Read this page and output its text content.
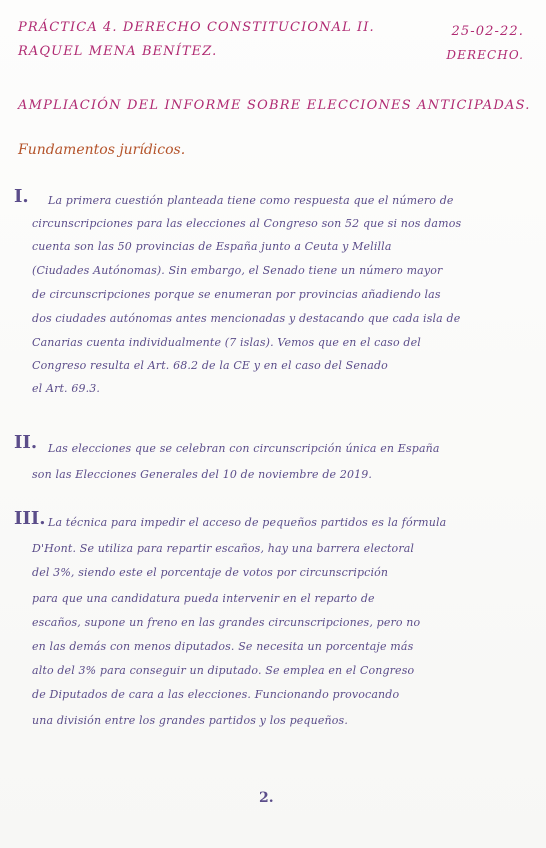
PRÁCTICA 4. DERECHO CONSTITUCIONAL II.
RAQUEL MENA BENÍTEZ.
25-02-22.
DERECHO.
AMPLIACIÓN DEL INFORME SOBRE ELECCIONES ANTICIPADAS.
Fundamentos jurídicos.
I. La primera cuestión planteada tiene como respuesta que el número de
circunscripciones para las elecciones al Congreso son 52 que si nos damos
cuenta son las 50 provincias de España junto a Ceuta y Melilla
(Ciudades Autónomas). Sin embargo, el Senado tiene un número mayor
de circunscripciones porque se enumeran por provincias añadiendo las
dos ciudades autónomas antes mencionadas y destacando que cada isla de
Canarias cuenta individualmente (7 islas). Vemos que en el caso del
Congreso resulta el Art. 68.2 de la CE y en el caso del Senado
el Art. 69.3.
II. Las elecciones que se celebran con circunscripción única en España
son las Elecciones Generales del 10 de noviembre de 2019.
III. La técnica para impedir el acceso de pequeños partidos es la fórmula
D'Hont. Se utiliza para repartir escaños, hay una barrera electoral
del 3%, siendo este el porcentaje de votos por circunscripción
para que una candidatura pueda intervenir en el reparto de
escaños, supone un freno en las grandes circunscripciones, pero no
en las demás con menos diputados. Se necesita un porcentaje más
alto del 3% para conseguir un diputado. Se emplea en el Congreso
de Diputados de cara a las elecciones. Funcionando provocando
una división entre los grandes partidos y los pequeños.
2.
